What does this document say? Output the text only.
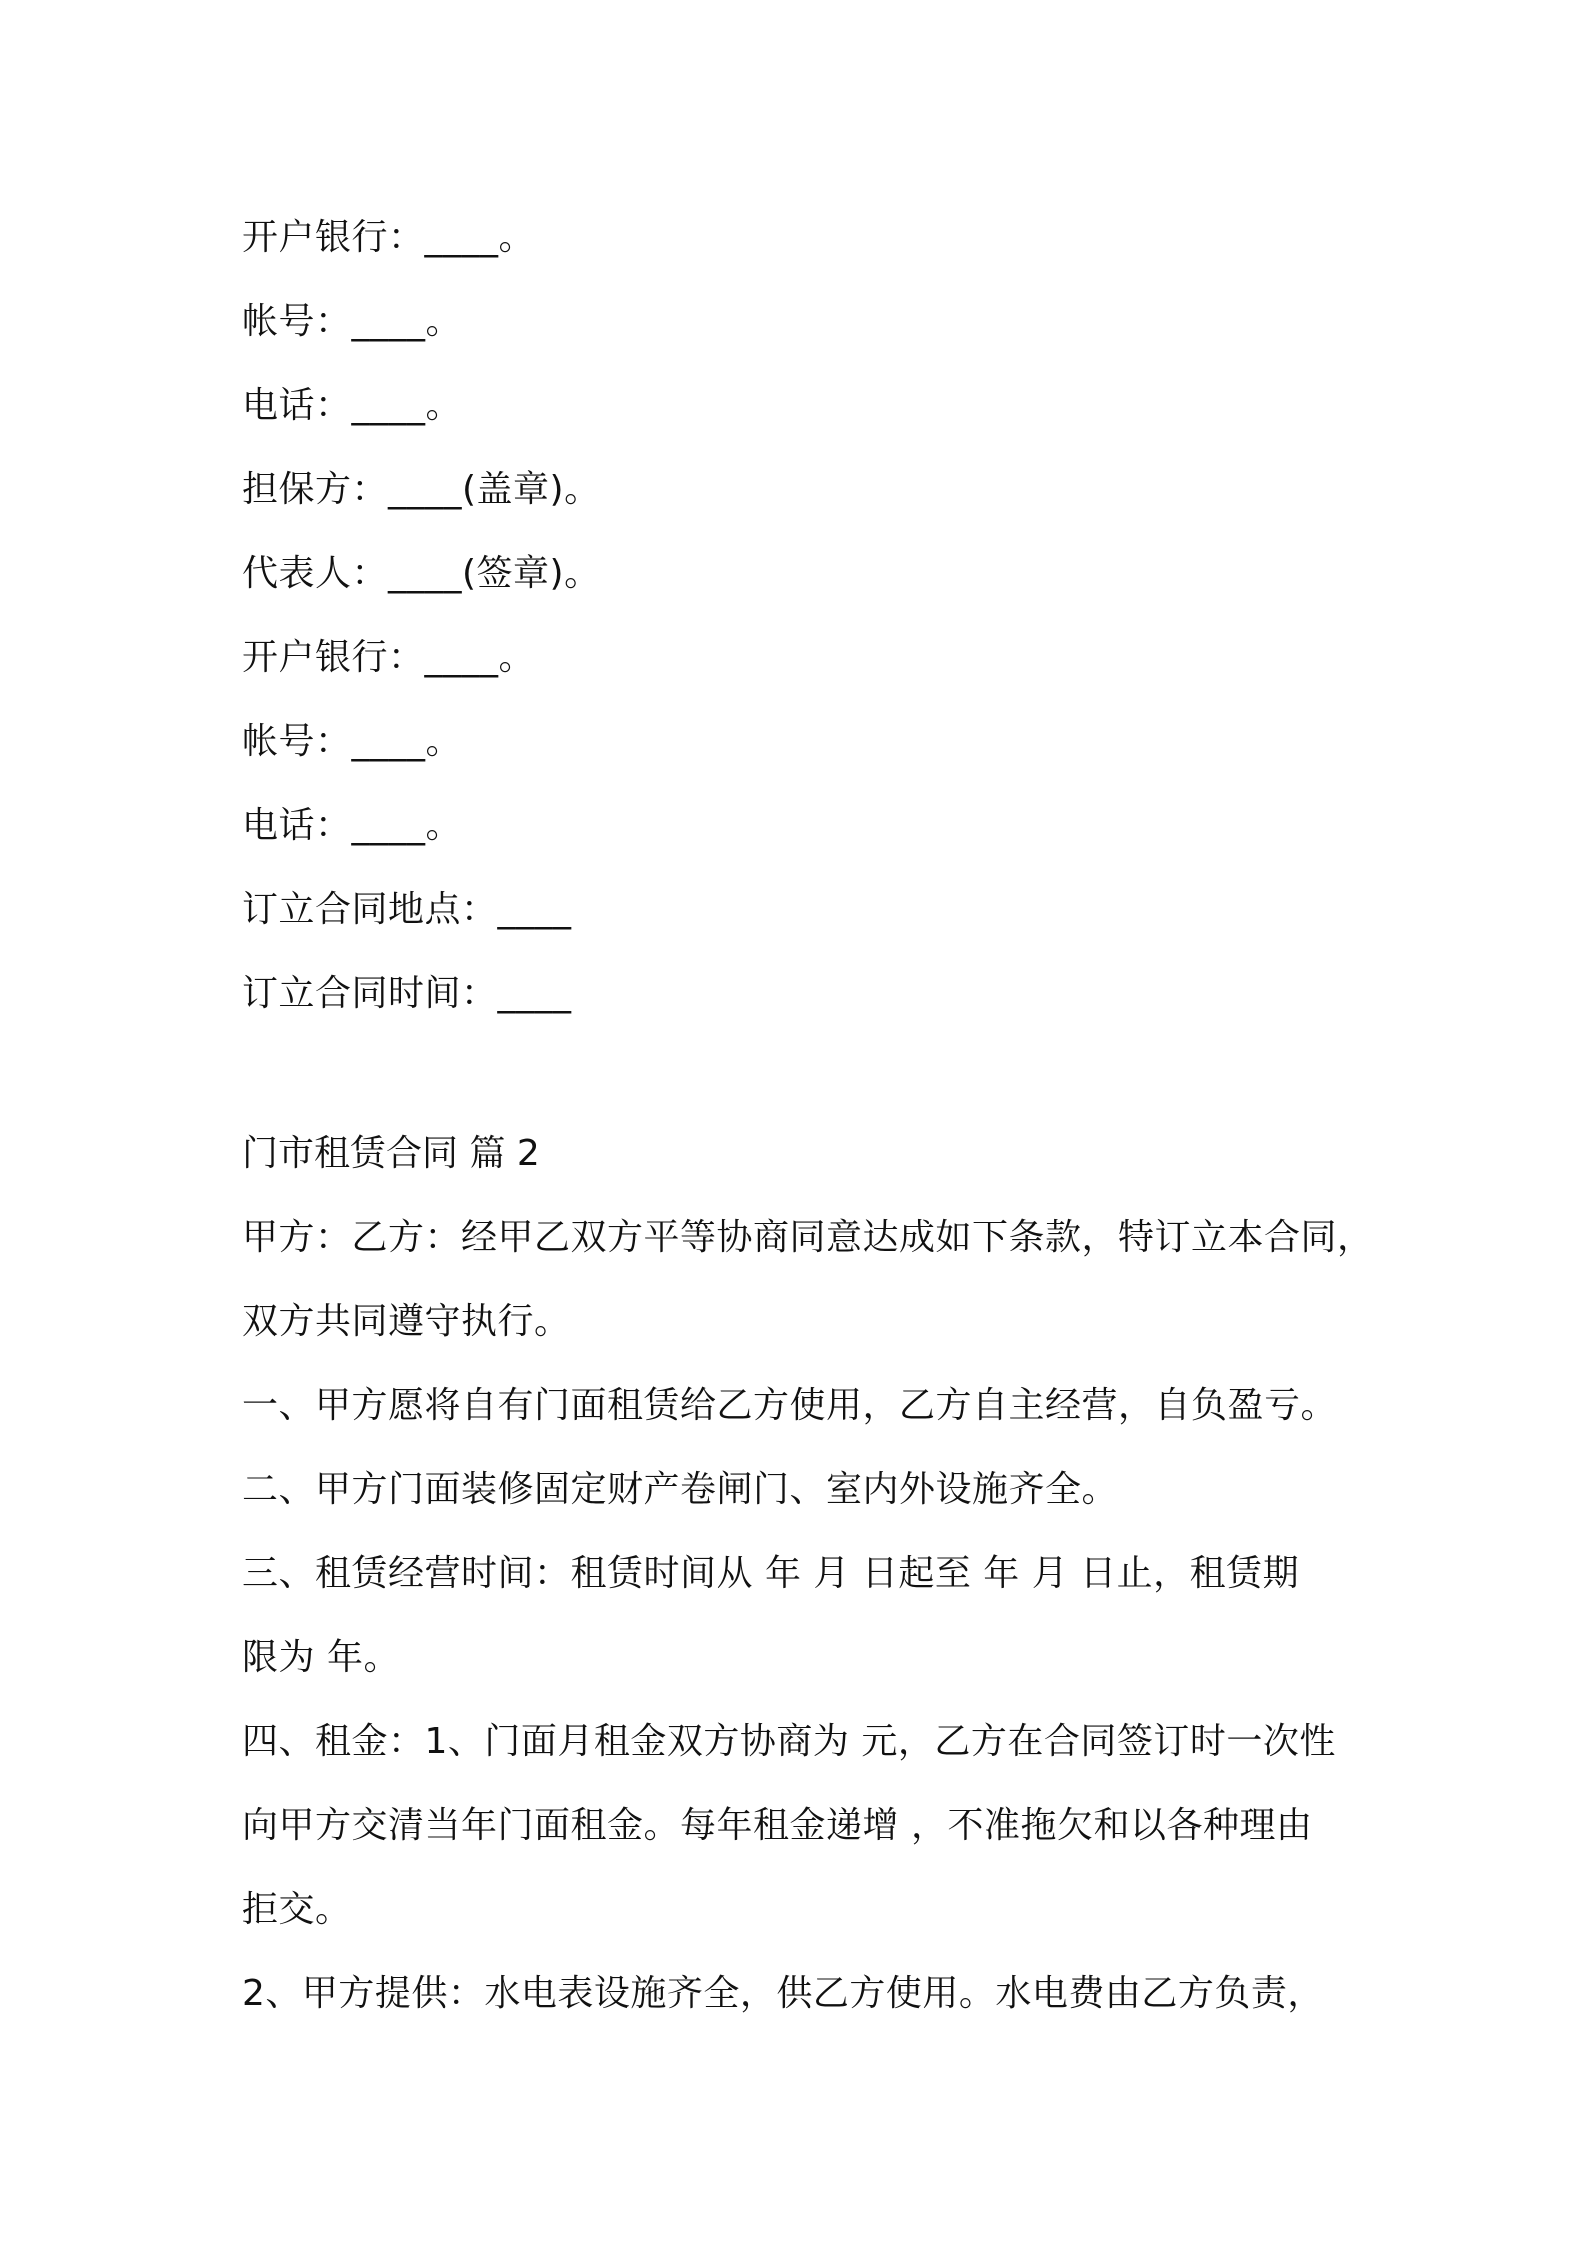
开户银行：____。
帐号：____。
电话：____。
担保方：____(盖章)。
代表人：____(签章)。
开户银行：____。
帐号：____。
电话：____。
订立合同地点：____
订立合同时间：____
门市租赁合同 篇 2
甲方：乙方：经甲乙双方平等协商同意达成如下条款，特订立本合同，
双方共同遵守执行。
一、甲方愿将自有门面租赁给乙方使用，乙方自主经营，自负盈亏。
二、甲方门面装修固定财产卷闸门、室内外设施齐全。
三、租赁经营时间：租赁时间从 年 月 日起至 年 月 日止，租赁期
限为 年。
四、租金：1、门面月租金双方协商为 元，乙方在合同签订时一次性
向甲方交清当年门面租金。每年租金递增 ，不准拖欠和以各种理由
拒交。
2、甲方提供：水电表设施齐全，供乙方使用。水电费由乙方负责，
